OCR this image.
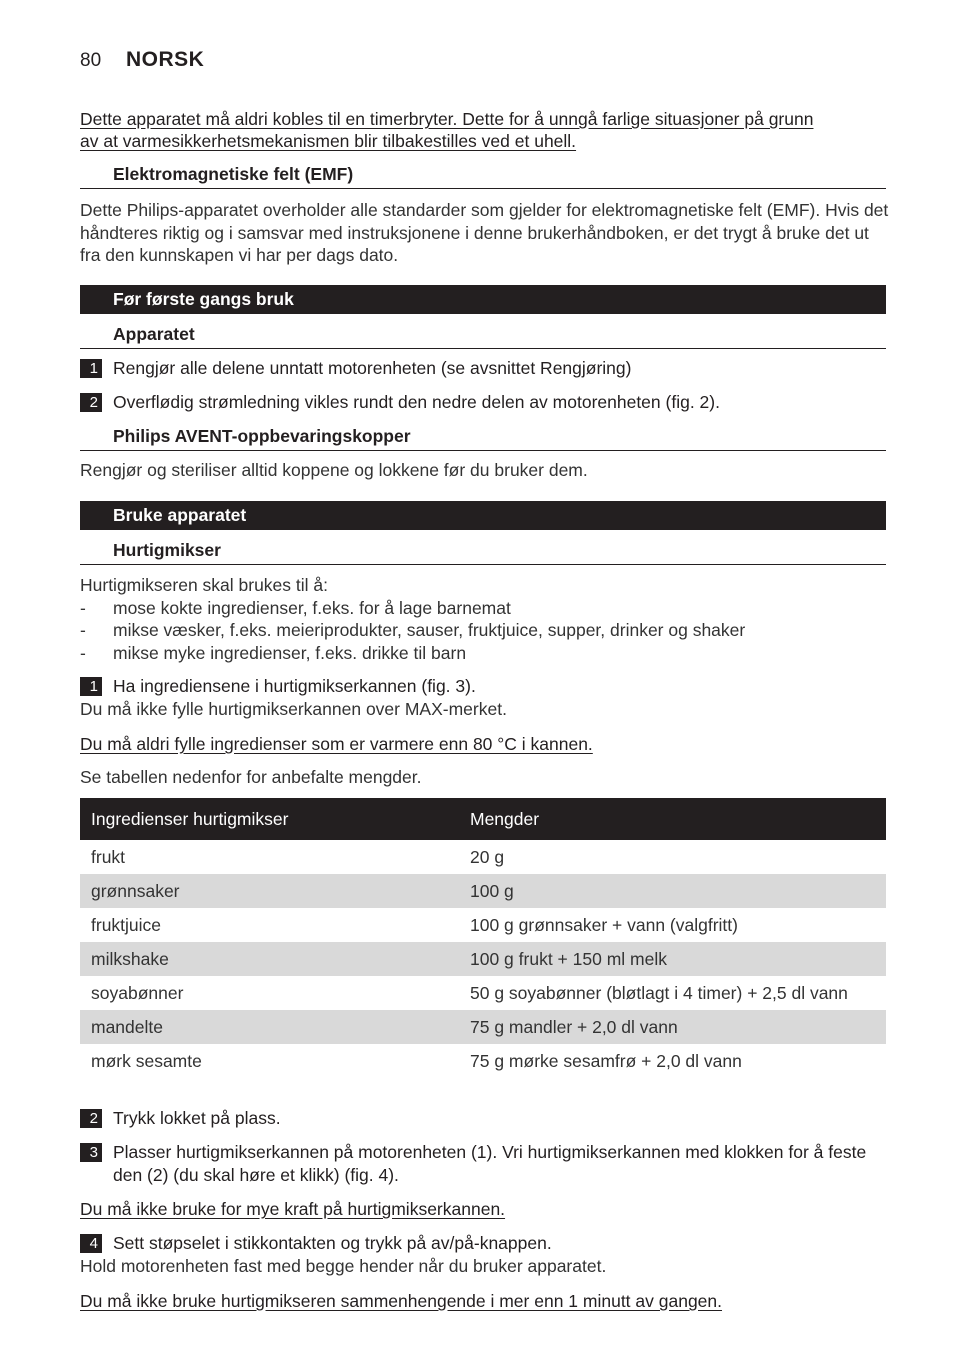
80 NORSK
Dette apparatet må aldri kobles til en timerbryter. Dette for å unngå farlige situasjoner på grunn
av at varmesikkerhetsmekanismen blir tilbakestilles ved et uhell.
Elektromagnetiske felt (EMF)
Dette Philips-apparatet overholder alle standarder som gjelder for elektromagnetiske felt (EMF). Hvis det håndteres riktig og i samsvar med instruksjonene i denne brukerhåndboken, er det trygt å bruke det ut fra den kunnskapen vi har per dags dato.
Før første gangs bruk
Apparatet
1 Rengjør alle delene unntatt motorenheten (se avsnittet Rengjøring)
2 Overflødig strømledning vikles rundt den nedre delen av motorenheten (fig. 2).
Philips AVENT-oppbevaringskopper
Rengjør og steriliser alltid koppene og lokkene før du bruker dem.
Bruke apparatet
Hurtigmikser
Hurtigmikseren skal brukes til å:
- mose kokte ingredienser, f.eks. for å lage barnemat
- mikse væsker, f.eks. meieriprodukter, sauser, fruktjuice, supper, drinker og shaker
- mikse myke ingredienser, f.eks. drikke til barn
1 Ha ingrediensene i hurtigmikserkannen (fig. 3).
Du må ikke fylle hurtigmikserkannen over MAX-merket.
Du må aldri fylle ingredienser som er varmere enn 80 °C i kannen.
Se tabellen nedenfor for anbefalte mengder.
Ingredienser hurtigmikser	Mengder
frukt	20 g
grønnsaker	100 g
fruktjuice	100 g grønnsaker + vann (valgfritt)
milkshake	100 g frukt + 150 ml melk
soyabønner	50 g soyabønner (bløtlagt i 4 timer) + 2,5 dl vann
mandelte	75 g mandler + 2,0 dl vann
mørk sesamte	75 g mørke sesamfrø + 2,0 dl vann
2 Trykk lokket på plass.
3 Plasser hurtigmikserkannen på motorenheten (1). Vri hurtigmikserkannen med klokken for å feste den (2) (du skal høre et klikk) (fig. 4).
Du må ikke bruke for mye kraft på hurtigmikserkannen.
4 Sett støpselet i stikkontakten og trykk på av/på-knappen.
Hold motorenheten fast med begge hender når du bruker apparatet.
Du må ikke bruke hurtigmikseren sammenhengende i mer enn 1 minutt av gangen.
